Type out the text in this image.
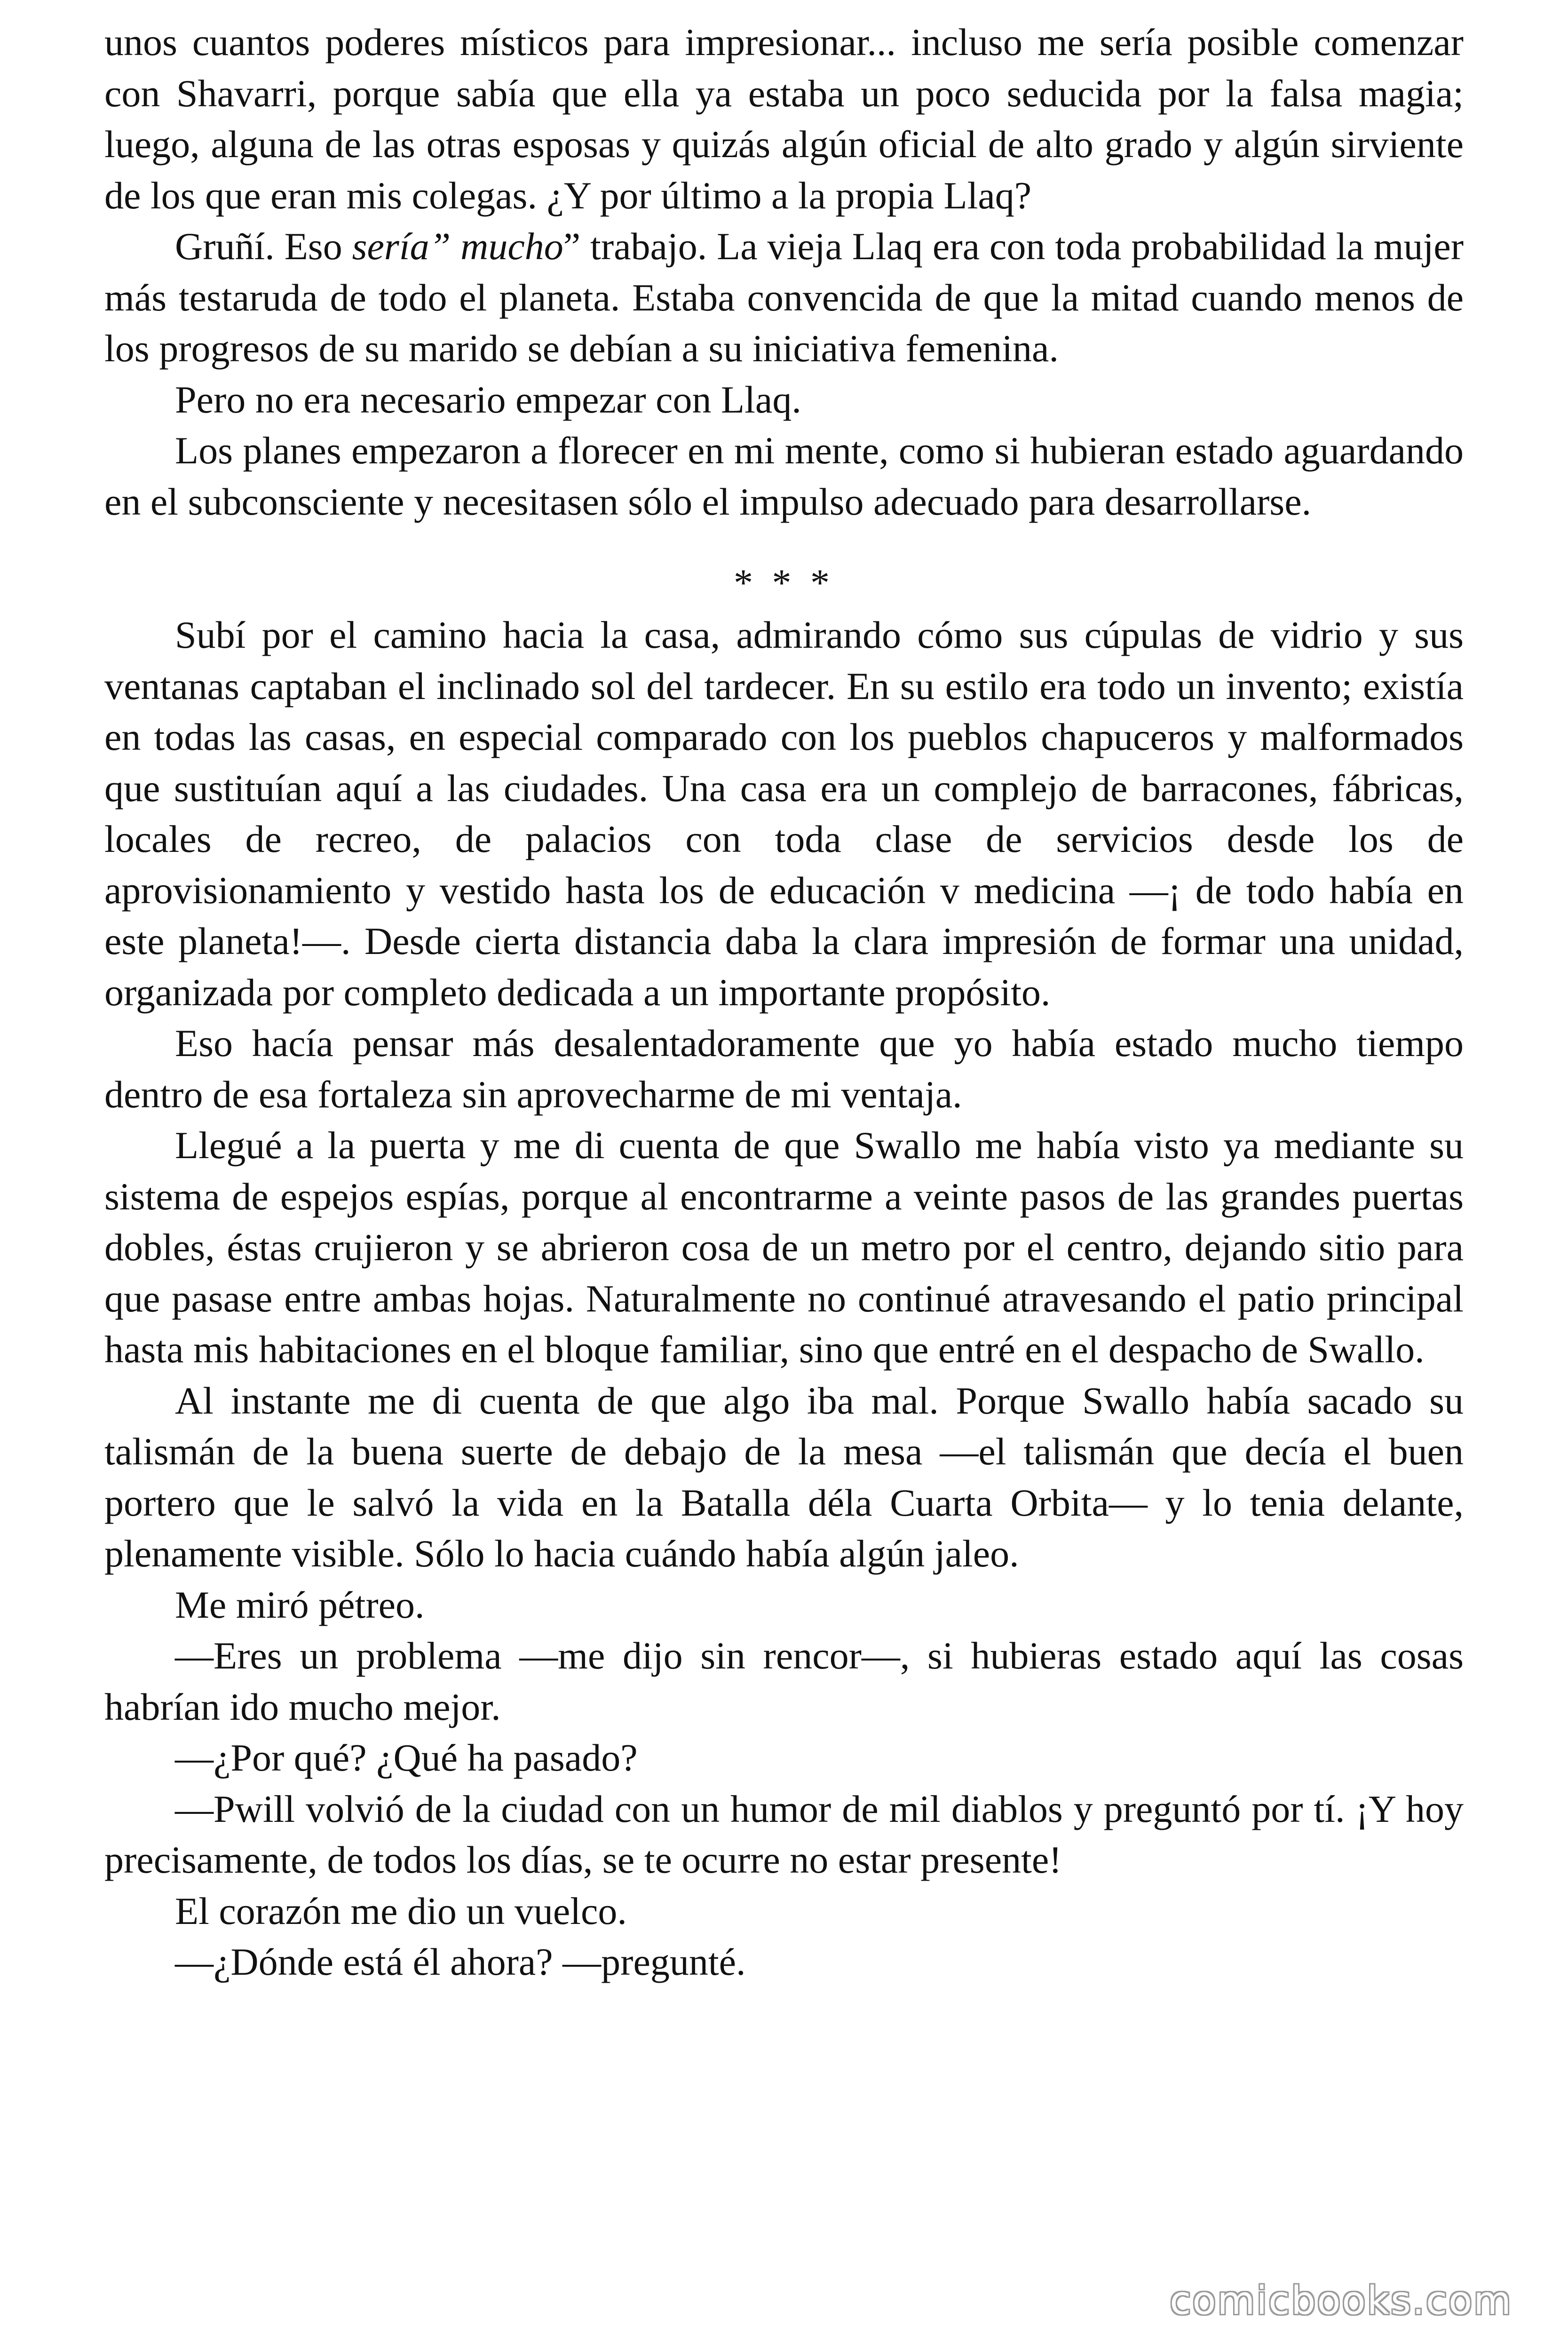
unos cuantos poderes místicos para impresionar... incluso me sería posible comenzar con Shavarri, porque sabía que ella ya estaba un poco seducida por la falsa magia; luego, alguna de las otras esposas y quizás algún oficial de alto grado y algún sirviente de los que eran mis colegas. ¿Y por último a la propia Llaq?

Gruñí. Eso sería” mucho” trabajo. La vieja Llaq era con toda probabilidad la mujer más testaruda de todo el planeta. Estaba convencida de que la mitad cuando menos de los progresos de su marido se debían a su iniciativa femenina.

Pero no era necesario empezar con Llaq.

Los planes empezaron a florecer en mi mente, como si hubieran estado aguardando en el subconsciente y necesitasen sólo el impulso adecuado para desarrollarse.

* * *

Subí por el camino hacia la casa, admirando cómo sus cúpulas de vidrio y sus ventanas captaban el inclinado sol del tardecer. En su estilo era todo un invento; existía en todas las casas, en especial comparado con los pueblos chapuceros y malformados que sustituían aquí a las ciudades. Una casa era un complejo de barracones, fábricas, locales de recreo, de palacios con toda clase de servicios desde los de aprovisionamiento y vestido hasta los de educación v medicina —¡ de todo había en este planeta!—. Desde cierta distancia daba la clara impresión de formar una unidad, organizada por completo dedicada a un importante propósito.

Eso hacía pensar más desalentadoramente que yo había estado mucho tiempo dentro de esa fortaleza sin aprovecharme de mi ventaja.

Llegué a la puerta y me di cuenta de que Swallo me había visto ya mediante su sistema de espejos espías, porque al encontrarme a veinte pasos de las grandes puertas dobles, éstas crujieron y se abrieron cosa de un metro por el centro, dejando sitio para que pasase entre ambas hojas. Naturalmente no continué atravesando el patio principal hasta mis habitaciones en el bloque familiar, sino que entré en el despacho de Swallo.

Al instante me di cuenta de que algo iba mal. Porque Swallo había sacado su talismán de la buena suerte de debajo de la mesa —el talismán que decía el buen portero que le salvó la vida en la Batalla déla Cuarta Orbita— y lo tenia delante, plenamente visible. Sólo lo hacia cuándo había algún jaleo.

Me miró pétreo.

—Eres un problema —me dijo sin rencor—, si hubieras estado aquí las cosas habrían ido mucho mejor.

—¿Por qué? ¿Qué ha pasado?

—Pwill volvió de la ciudad con un humor de mil diablos y preguntó por tí. ¡Y hoy precisamente, de todos los días, se te ocurre no estar presente!

El corazón me dio un vuelco.

—¿Dónde está él ahora? —pregunté.

comicbooks.com
